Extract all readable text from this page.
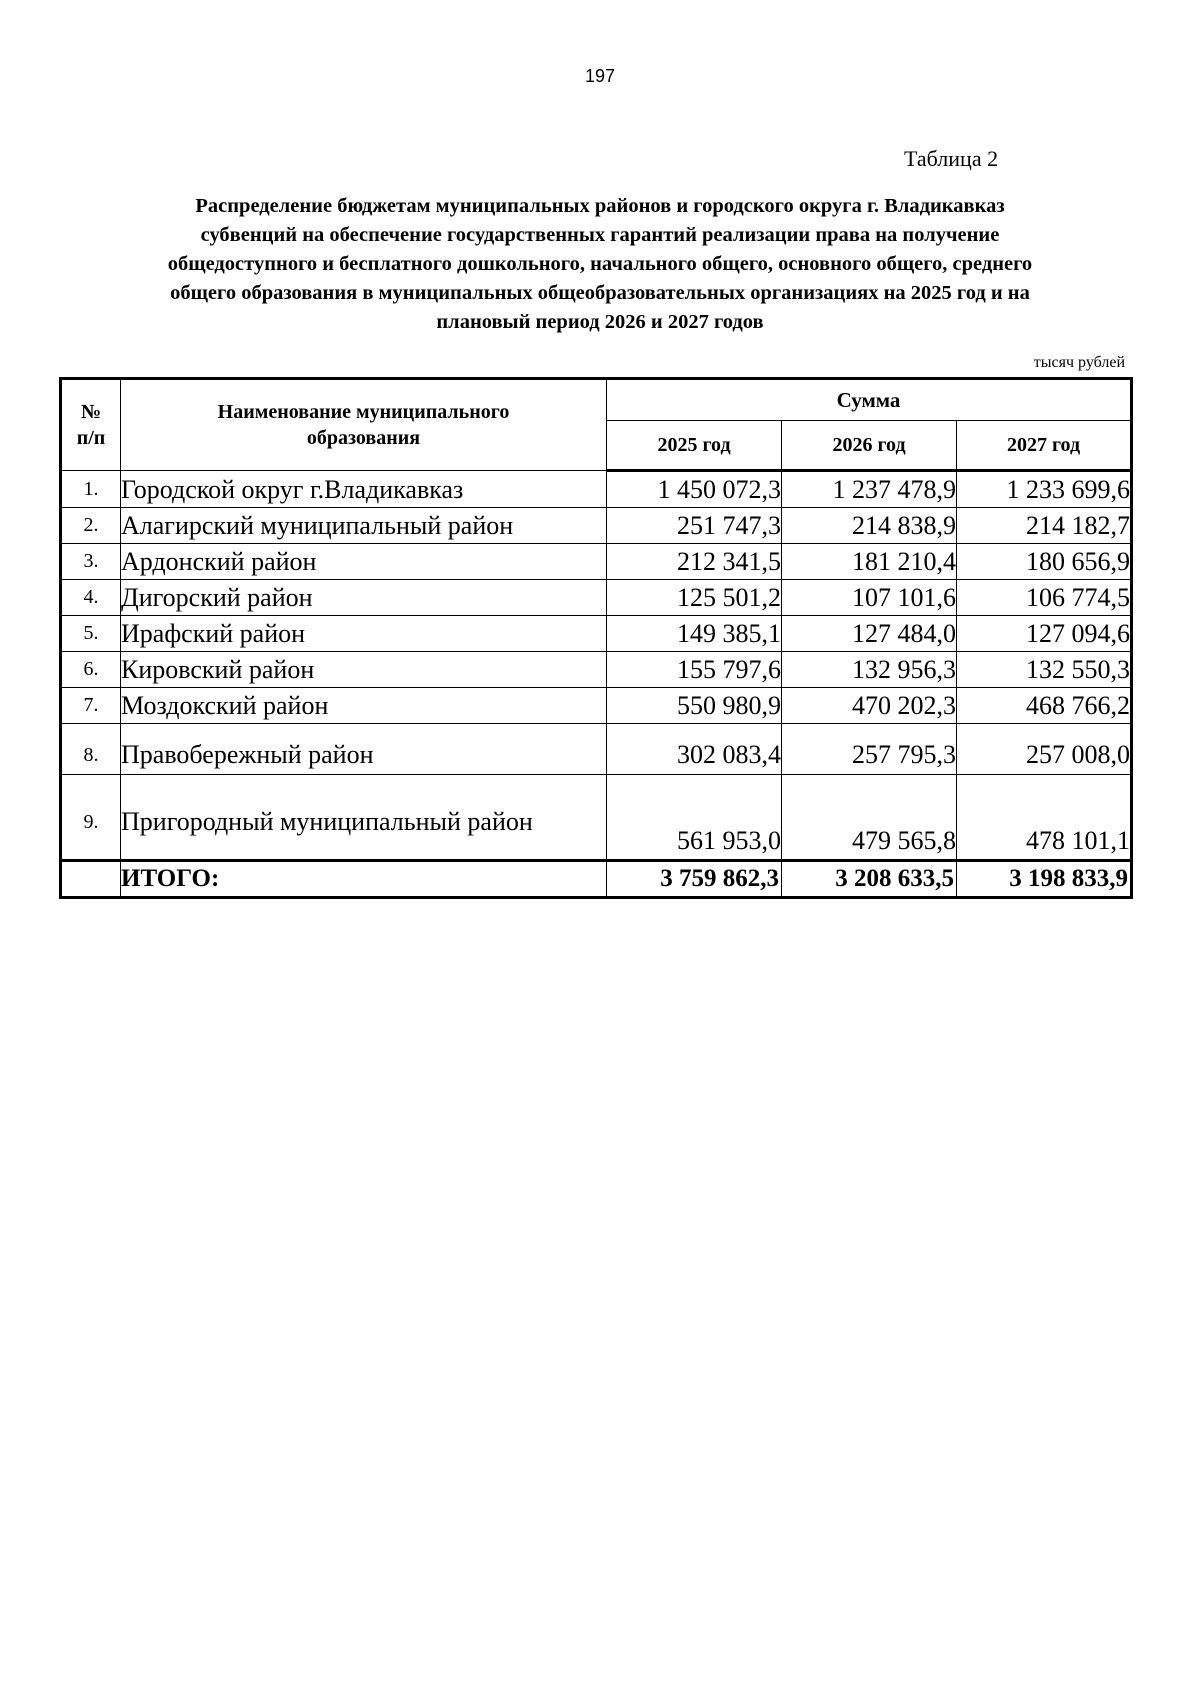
197
Таблица 2
Распределение бюджетам муниципальных районов и городского округа г. Владикавказ
субвенций на обеспечение государственных гарантий реализации права на получение
общедоступного и бесплатного дошкольного, начального общего, основного общего, среднего
общего образования в муниципальных общеобразовательных организациях на 2025 год и на
плановый период 2026 и 2027 годов
тысяч рублей
№ п/п	Наименование муниципального образования	Сумма		
		2025 год	2026 год	2027 год
1.	Городской округ г.Владикавказ	1 450 072,3	1 237 478,9	1 233 699,6
2.	Алагирский муниципальный район	251 747,3	214 838,9	214 182,7
3.	Ардонский район	212 341,5	181 210,4	180 656,9
4.	Дигорский район	125 501,2	107 101,6	106 774,5
5.	Ирафский район	149 385,1	127 484,0	127 094,6
6.	Кировский район	155 797,6	132 956,3	132 550,3
7.	Моздокский район	550 980,9	470 202,3	468 766,2
8.	Правобережный район	302 083,4	257 795,3	257 008,0
9.	Пригородный муниципальный район	561 953,0	479 565,8	478 101,1
	ИТОГО:	3 759 862,3	3 208 633,5	3 198 833,9
